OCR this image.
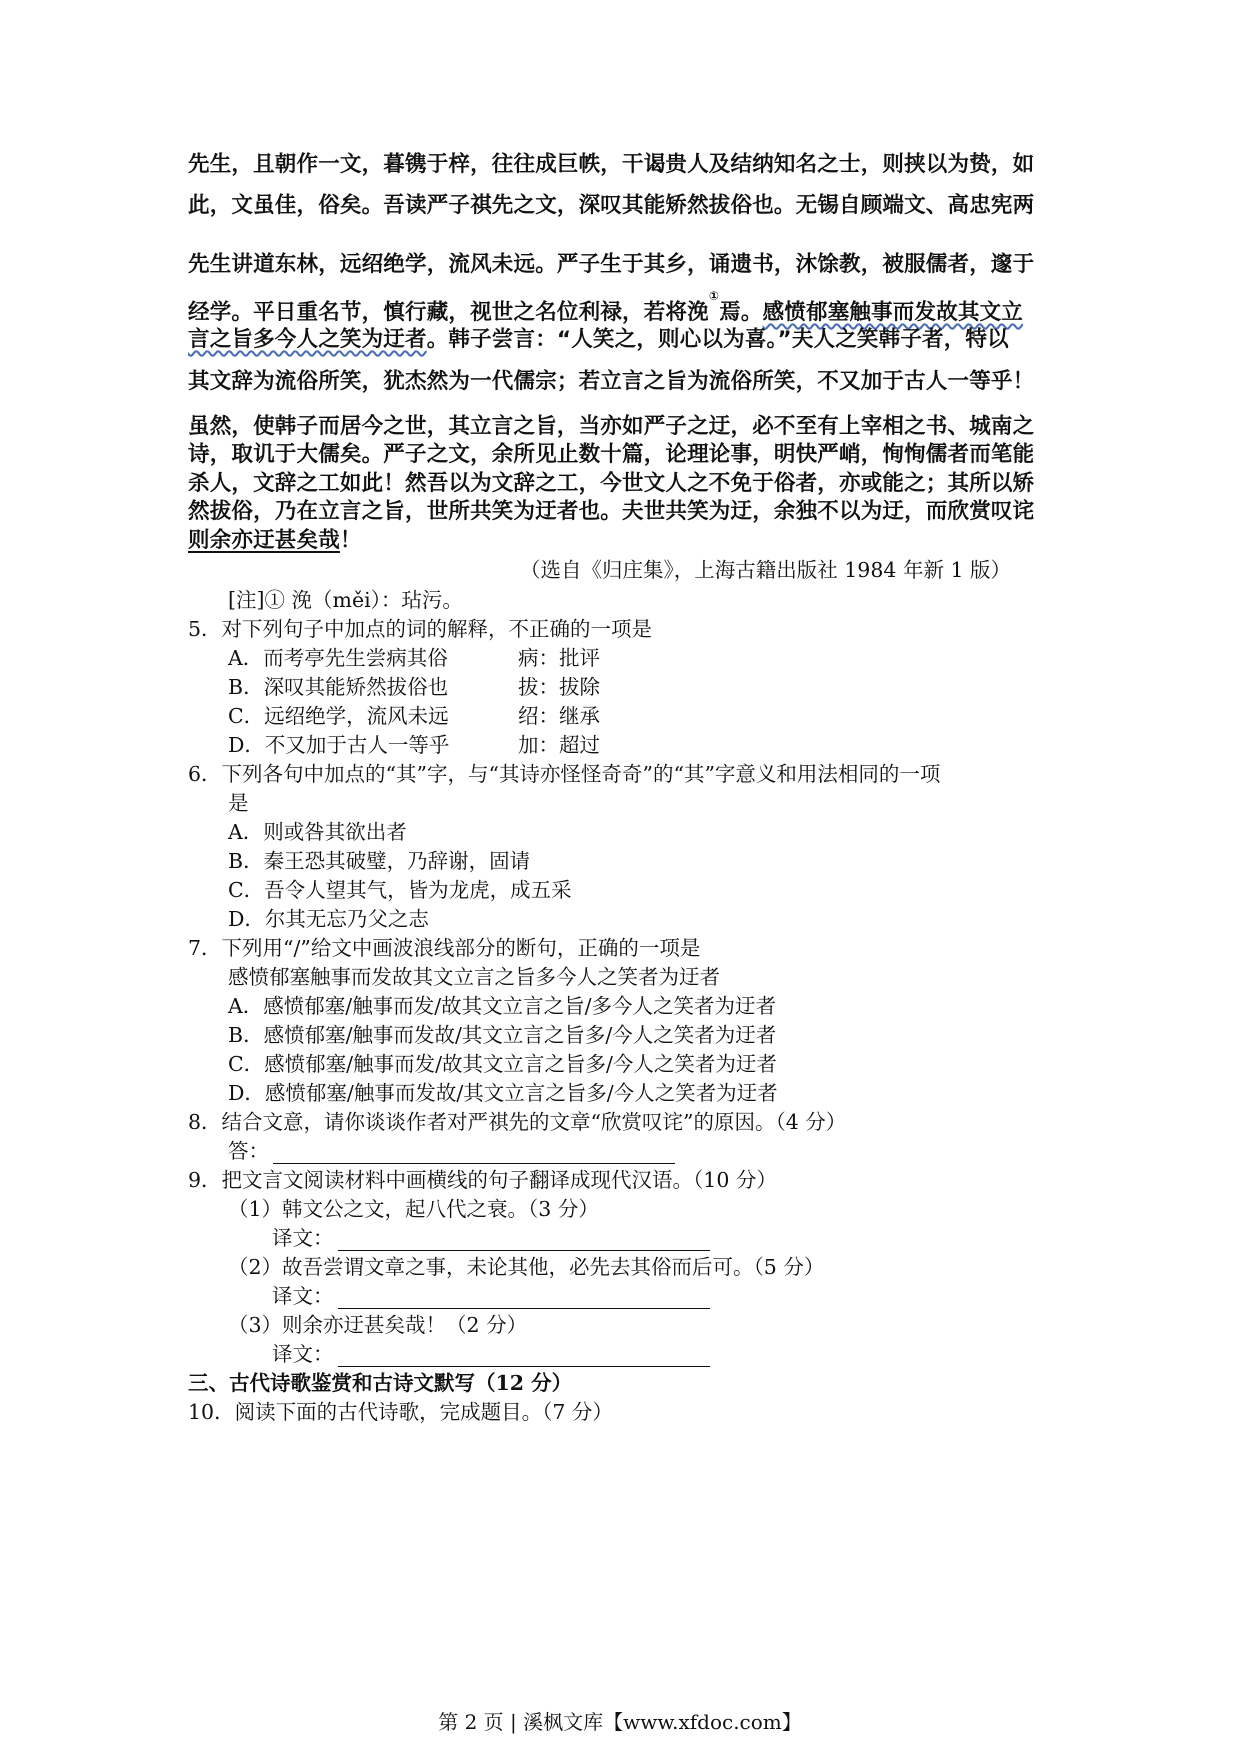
先生，且朝作一文，暮镌于梓，往往成巨帙，干谒贵人及结纳知名之士，则挟以为贽，如
此，文虽佳，俗矣。吾读严子祺先之文，深叹其能矫然拔俗也。无锡自顾端文、高忠宪两
先生讲道东林，远绍绝学，流风未远。严子生于其乡，诵遗书，沐馀教，被服儒者，邃于
经学。平日重名节，慎行藏，视世之名位利禄，若将浼①焉。感愤郁塞触事而发故其文立
言之旨多今人之笑为迂者。韩子尝言：“人笑之，则心以为喜。”夫人之笑韩子者，特以
其文辞为流俗所笑，犹杰然为一代儒宗；若立言之旨为流俗所笑，不又加于古人一等乎！
虽然，使韩子而居今之世，其立言之旨，当亦如严子之迂，必不至有上宰相之书、城南之
诗，取讥于大儒矣。严子之文，余所见止数十篇，论理论事，明快严峭，恂恂儒者而笔能
杀人，文辞之工如此！然吾以为文辞之工，今世文人之不免于俗者，亦或能之；其所以矫
然拔俗，乃在立言之旨，世所共笑为迂者也。夫世共笑为迂，余独不以为迂，而欣赏叹诧
则余亦迂甚矣哉！
（选自《归庄集》，上海古籍出版社 1984 年新 1 版）
[注]① 浼（měi）：玷污。
5．对下列句子中加点的词的解释，不正确的一项是
A．而考亭先生尝病其俗	病：批评
B．深叹其能矫然拔俗也	拔：拔除
C．远绍绝学，流风未远	绍：继承
D．不又加于古人一等乎	加：超过
6．下列各句中加点的“其”字，与“其诗亦怪怪奇奇”的“其”字意义和用法相同的一项
是
A．则或咎其欲出者
B．秦王恐其破璧，乃辞谢，固请
C．吾令人望其气，皆为龙虎，成五采
D．尔其无忘乃父之志
7．下列用“/”给文中画波浪线部分的断句，正确的一项是
感愤郁塞触事而发故其文立言之旨多今人之笑者为迂者
A．感愤郁塞/触事而发/故其文立言之旨/多今人之笑者为迂者
B．感愤郁塞/触事而发故/其文立言之旨多/今人之笑者为迂者
C．感愤郁塞/触事而发/故其文立言之旨多/今人之笑者为迂者
D．感愤郁塞/触事而发故/其文立言之旨多/今人之笑者为迂者
8．结合文意，请你谈谈作者对严祺先的文章“欣赏叹诧”的原因。（4 分）
答：
9．把文言文阅读材料中画横线的句子翻译成现代汉语。（10 分）
（1）韩文公之文，起八代之衰。（3 分）
译文：
（2）故吾尝谓文章之事，未论其他，必先去其俗而后可。（5 分）
译文：
（3）则余亦迂甚矣哉！（2 分）
译文：
三、古代诗歌鉴赏和古诗文默写（12 分）
10．阅读下面的古代诗歌，完成题目。（7 分）
第 2 页 | 溪枫文库【www.xfdoc.com】
